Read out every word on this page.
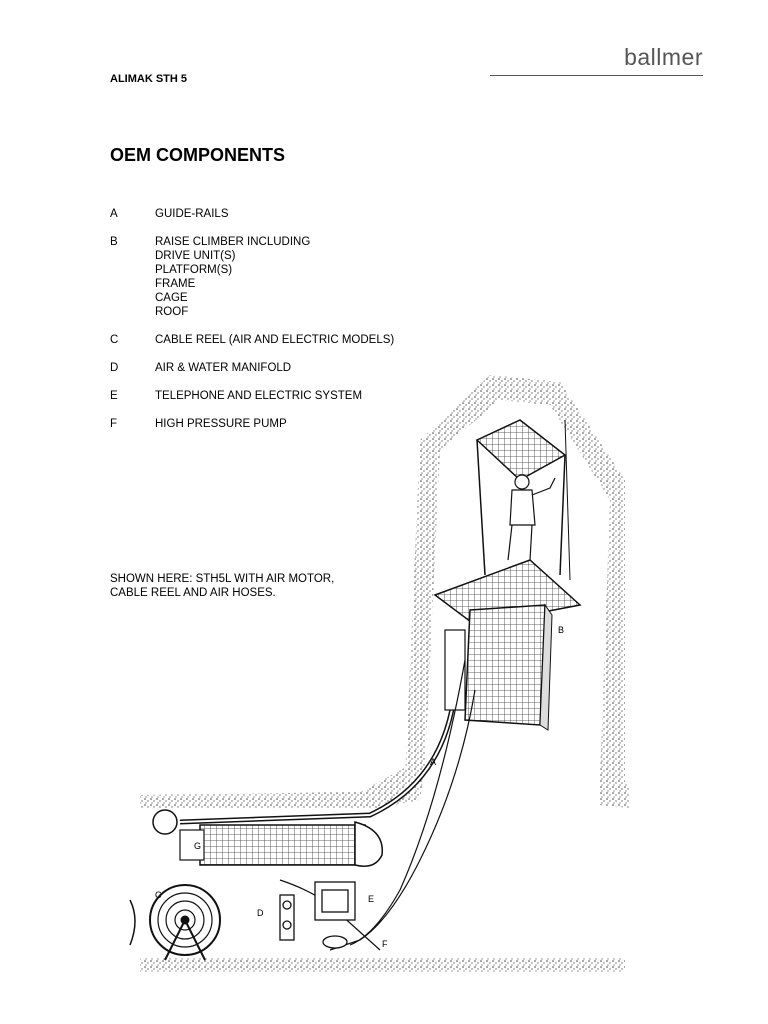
ballmer
ALIMAK STH 5
OEM COMPONENTS
A	GUIDE-RAILS
B	RAISE CLIMBER INCLUDING
DRIVE UNIT(S)
PLATFORM(S)
FRAME
CAGE
ROOF
C	CABLE REEL (AIR AND ELECTRIC MODELS)
D	AIR & WATER MANIFOLD
E	TELEPHONE AND ELECTRIC SYSTEM
F	HIGH PRESSURE PUMP
SHOWN HERE: STH5L WITH AIR MOTOR,
CABLE REEL AND AIR HOSES.
A
B
C
D
E
F
G
